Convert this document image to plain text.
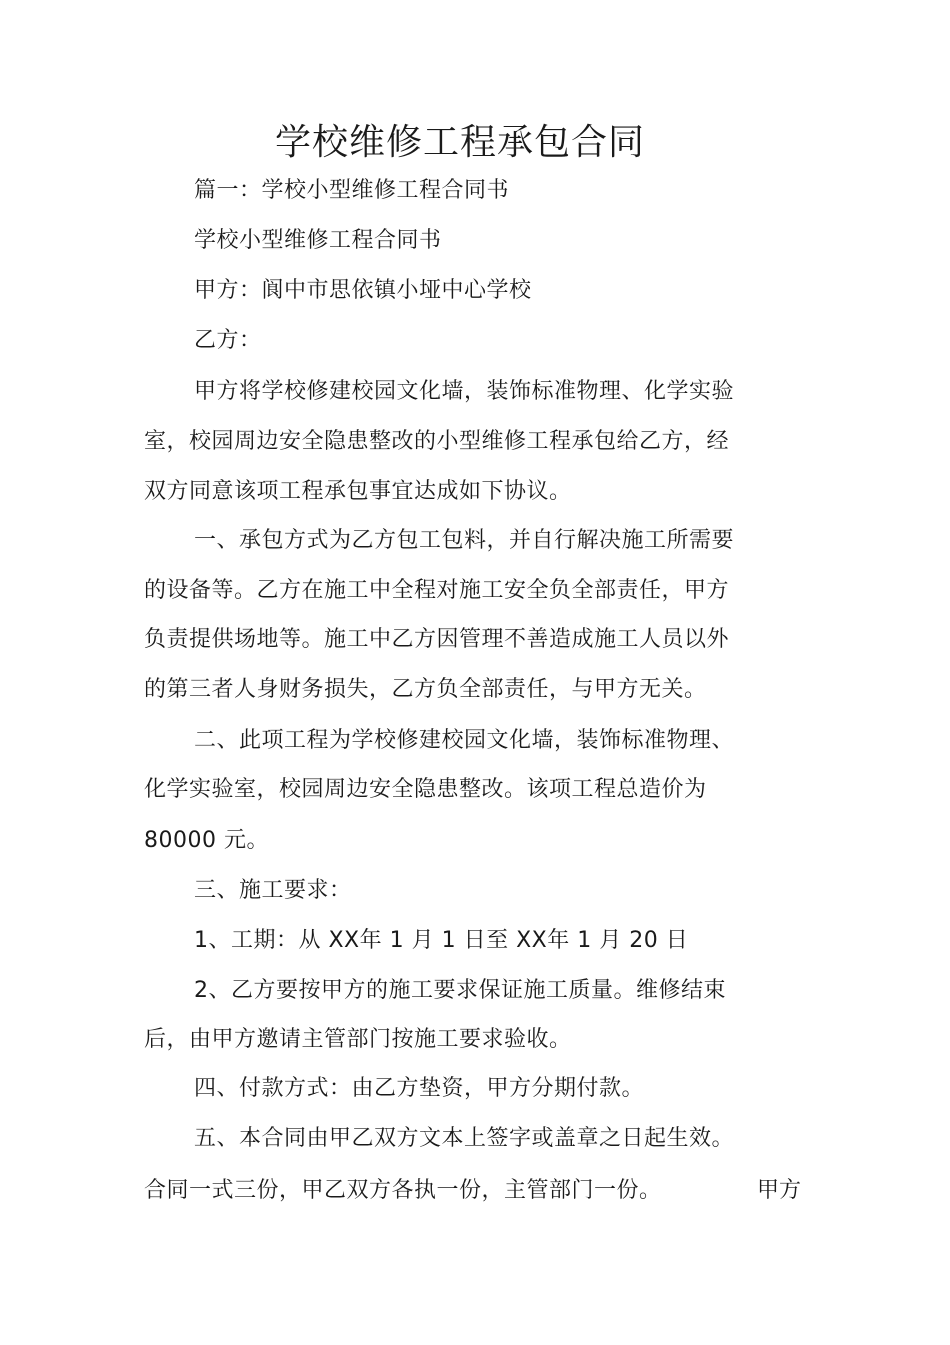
学校维修工程承包合同
篇一：学校小型维修工程合同书
学校小型维修工程合同书
甲方：阆中市思依镇小垭中心学校
乙方：
甲方将学校修建校园文化墙，装饰标准物理、化学实验
室，校园周边安全隐患整改的小型维修工程承包给乙方，经
双方同意该项工程承包事宜达成如下协议。
一、承包方式为乙方包工包料，并自行解决施工所需要
的设备等。乙方在施工中全程对施工安全负全部责任，甲方
负责提供场地等。施工中乙方因管理不善造成施工人员以外
的第三者人身财务损失，乙方负全部责任，与甲方无关。
二、此项工程为学校修建校园文化墙，装饰标准物理、
化学实验室，校园周边安全隐患整改。该项工程总造价为
80000 元。
三、施工要求：
1、工期：从 XX年 1 月 1 日至 XX年 1 月 20 日
2、乙方要按甲方的施工要求保证施工质量。维修结束
后，由甲方邀请主管部门按施工要求验收。
四、付款方式：由乙方垫资，甲方分期付款。
五、本合同由甲乙双方文本上签字或盖章之日起生效。
合同一式三份，甲乙双方各执一份，主管部门一份。	甲方
